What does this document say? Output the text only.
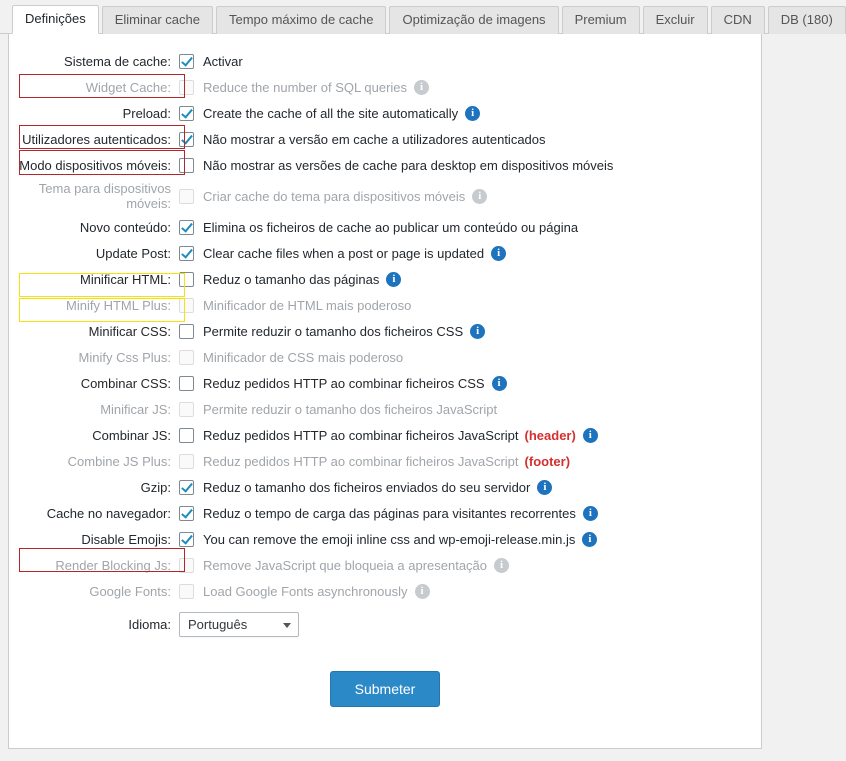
Definições	Eliminar cache	Tempo máximo de cache	Optimização de imagens	Premium	Excluir	CDN	DB (180)
Sistema de cache:	Activar
Widget Cache:	Reduce the number of SQL queries i
Preload:	Create the cache of all the site automatically i
Utilizadores autenticados:	Não mostrar a versão em cache a utilizadores autenticados
Modo dispositivos móveis:	Não mostrar as versões de cache para desktop em dispositivos móveis
Tema para dispositivos móveis:	Criar cache do tema para dispositivos móveis i
Novo conteúdo:	Elimina os ficheiros de cache ao publicar um conteúdo ou página
Update Post:	Clear cache files when a post or page is updated i
Minificar HTML:	Reduz o tamanho das páginas i
Minify HTML Plus:	Minificador de HTML mais poderoso
Minificar CSS:	Permite reduzir o tamanho dos ficheiros CSS i
Minify Css Plus:	Minificador de CSS mais poderoso
Combinar CSS:	Reduz pedidos HTTP ao combinar ficheiros CSS i
Minificar JS:	Permite reduzir o tamanho dos ficheiros JavaScript
Combinar JS:	Reduz pedidos HTTP ao combinar ficheiros JavaScript (header) i
Combine JS Plus:	Reduz pedidos HTTP ao combinar ficheiros JavaScript (footer)
Gzip:	Reduz o tamanho dos ficheiros enviados do seu servidor i
Cache no navegador:	Reduz o tempo de carga das páginas para visitantes recorrentes i
Disable Emojis:	You can remove the emoji inline css and wp-emoji-release.min.js i
Render Blocking Js:	Remove JavaScript que bloqueia a apresentação i
Google Fonts:	Load Google Fonts asynchronously i
Idioma:	Português
Submeter
